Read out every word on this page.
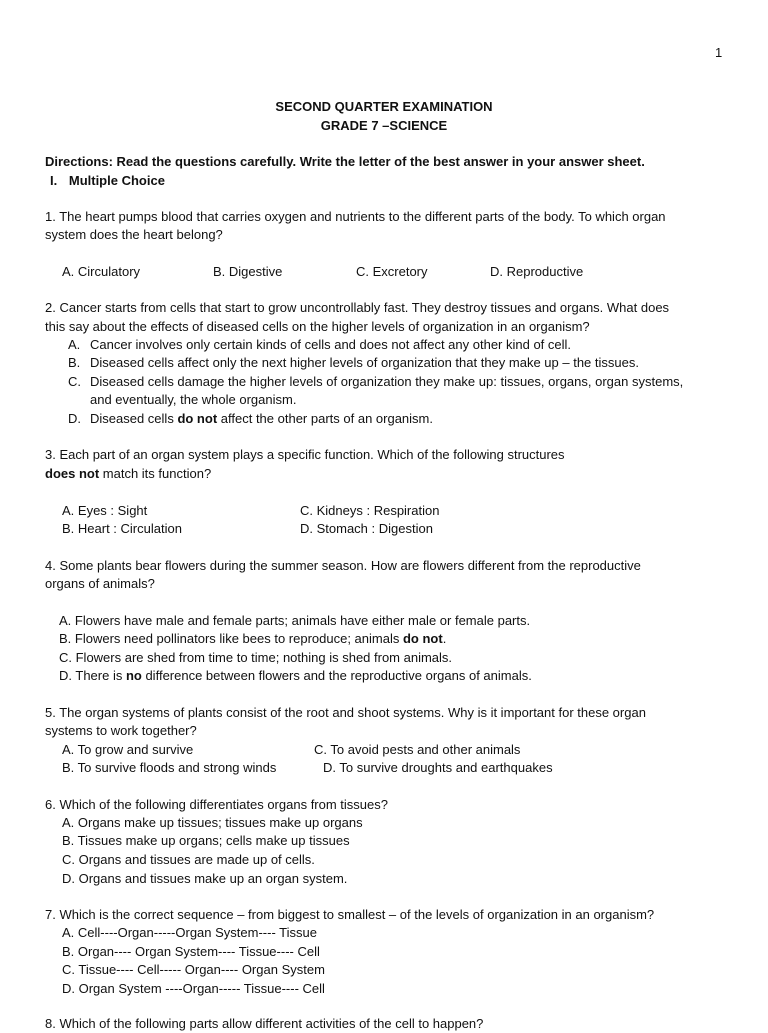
1
SECOND QUARTER EXAMINATION
GRADE 7 –SCIENCE
Directions: Read the questions carefully. Write the letter of the best answer in your answer sheet.
I. Multiple Choice
1. The heart pumps blood that carries oxygen and nutrients to the different parts of the body. To which organ
system does the heart belong?
A. Circulatory	B. Digestive	C. Excretory	D. Reproductive
2. Cancer starts from cells that start to grow uncontrollably fast. They destroy tissues and organs. What does
this say about the effects of diseased cells on the higher levels of organization in an organism?
A. Cancer involves only certain kinds of cells and does not affect any other kind of cell.
B. Diseased cells affect only the next higher levels of organization that they make up – the tissues.
C. Diseased cells damage the higher levels of organization they make up: tissues, organs, organ systems,
and eventually, the whole organism.
D. Diseased cells do not affect the other parts of an organism.
3. Each part of an organ system plays a specific function. Which of the following structures
does not match its function?
A. Eyes : Sight	C. Kidneys : Respiration
B. Heart : Circulation	D. Stomach : Digestion
4. Some plants bear flowers during the summer season. How are flowers different from the reproductive
organs of animals?
A. Flowers have male and female parts; animals have either male or female parts.
B. Flowers need pollinators like bees to reproduce; animals do not.
C. Flowers are shed from time to time; nothing is shed from animals.
D. There is no difference between flowers and the reproductive organs of animals.
5. The organ systems of plants consist of the root and shoot systems. Why is it important for these organ
systems to work together?
A. To grow and survive	C. To avoid pests and other animals
B. To survive floods and strong winds	D. To survive droughts and earthquakes
6. Which of the following differentiates organs from tissues?
A. Organs make up tissues; tissues make up organs
B. Tissues make up organs; cells make up tissues
C. Organs and tissues are made up of cells.
D. Organs and tissues make up an organ system.
7. Which is the correct sequence – from biggest to smallest – of the levels of organization in an organism?
A. Cell----Organ-----Organ System---- Tissue
B. Organ---- Organ System---- Tissue---- Cell
C. Tissue---- Cell----- Organ---- Organ System
D. Organ System ----Organ----- Tissue---- Cell
8. Which of the following parts allow different activities of the cell to happen?
